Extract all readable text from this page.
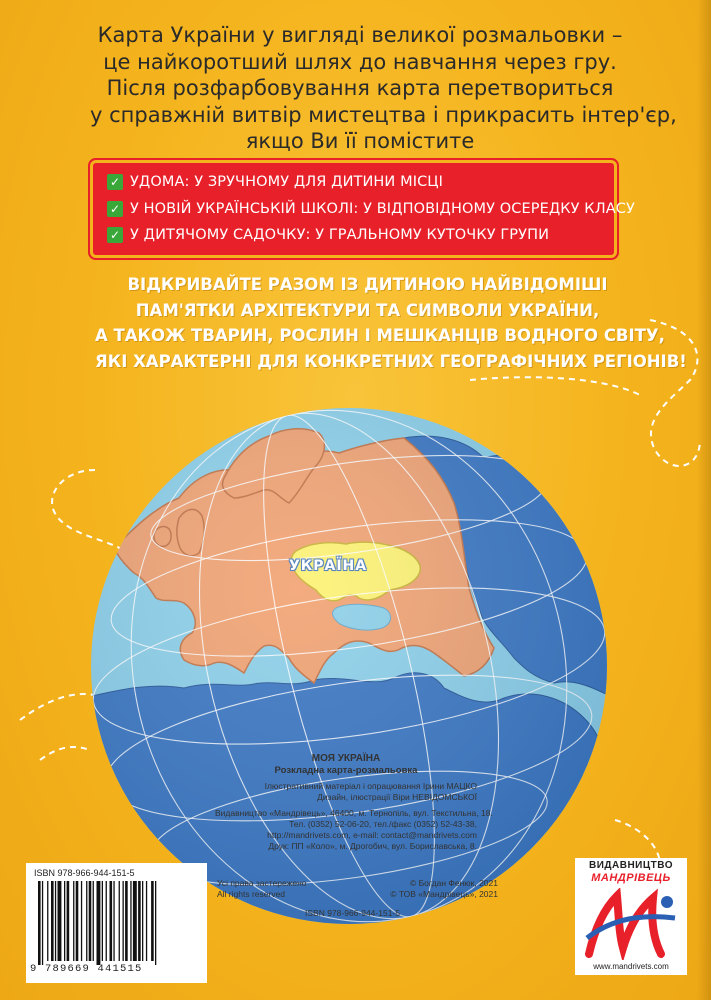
Карта України у вигляді великої розмальовки –
це найкоротший шлях до навчання через гру.
Після розфарбовування карта перетвориться
у справжній витвір мистецтва і прикрасить інтер'єр,
якщо Ви її помістите
✓ УДОМА: У ЗРУЧНОМУ ДЛЯ ДИТИНИ МІСЦІ
✓ У НОВІЙ УКРАЇНСЬКІЙ ШКОЛІ: У ВІДПОВІДНОМУ ОСЕРЕДКУ КЛАСУ
✓ У ДИТЯЧОМУ САДОЧКУ: У ГРАЛЬНОМУ КУТОЧКУ ГРУПИ
ВІДКРИВАЙТЕ РАЗОМ ІЗ ДИТИНОЮ НАЙВІДОМІШІ
ПАМ'ЯТКИ АРХІТЕКТУРИ ТА СИМВОЛИ УКРАЇНИ,
А ТАКОЖ ТВАРИН, РОСЛИН І МЕШКАНЦІВ ВОДНОГО СВІТУ,
ЯКІ ХАРАКТЕРНІ ДЛЯ КОНКРЕТНИХ ГЕОГРАФІЧНИХ РЕГІОНІВ!
УКРАЇНА
МОЯ УКРАЇНА
Розкладна карта-розмальовка
Ілюстративний матеріал і опрацювання Ірини МАЦКО
Дизайн, ілюстрації Віри НЕВІДОМСЬКОЇ
Видавництво «Мандрівець», 46400, м. Тернопіль, вул. Текстильна, 18.
Тел. (0352) 52-06-20, тел./факс (0352) 52-43-38,
http://mandrivets.com, e-mail: contact@mandrivets.com
Друк: ПП «Коло», м. Дрогобич, вул. Бориславська, 8.
Усі права застережено
All rights reserved
© Богдан Фенюк, 2021
© ТОВ «Мандрівець», 2021
ISBN 978-966-944-151-5
ISBN 978-966-944-151-5
9 789669 441515
ВИДАВНИЦТВО
МАНДРІВЕЦЬ
www.mandrivets.com
